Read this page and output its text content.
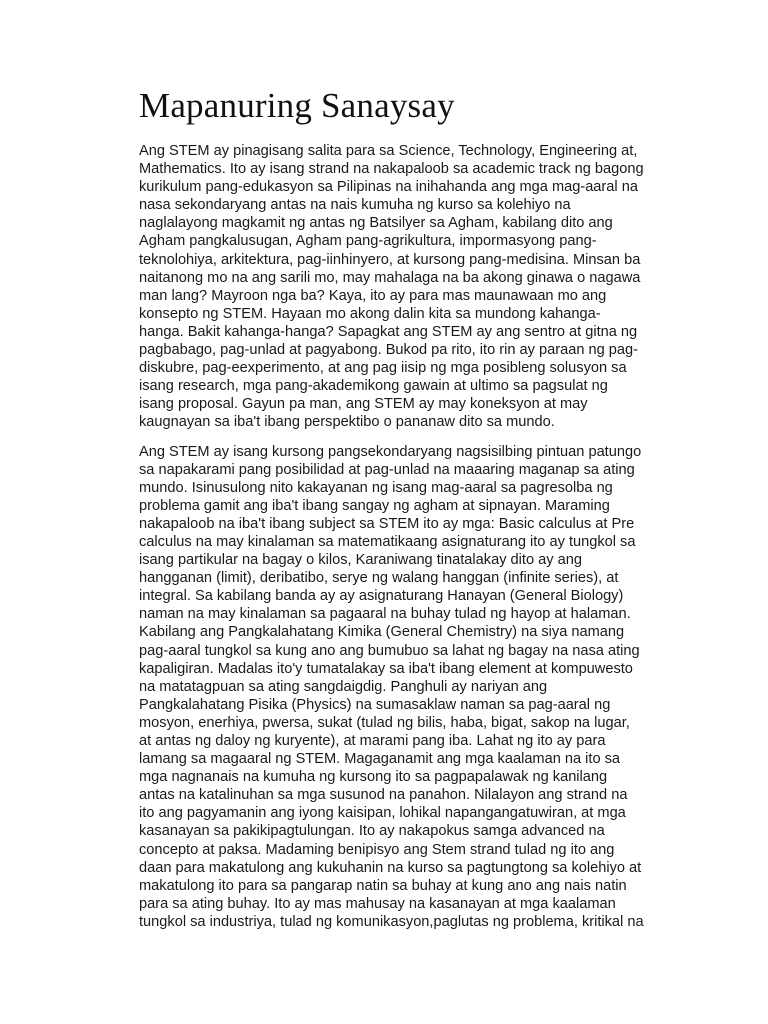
Mapanuring Sanaysay

Ang STEM ay pinagisang salita para sa Science, Technology, Engineering at,
Mathematics. Ito ay isang strand na nakapaloob sa academic track ng bagong
kurikulum pang-edukasyon sa Pilipinas na inihahanda ang mga mag-aaral na
nasa sekondaryang antas na nais kumuha ng kurso sa kolehiyo na
naglalayong magkamit ng antas ng Batsilyer sa Agham, kabilang dito ang
Agham pangkalusugan, Agham pang-agrikultura, impormasyong pang-
teknolohiya, arkitektura, pag-iinhinyero, at kursong pang-medisina. Minsan ba
naitanong mo na ang sarili mo, may mahalaga na ba akong ginawa o nagawa
man lang? Mayroon nga ba? Kaya, ito ay para mas maunawaan mo ang
konsepto ng STEM. Hayaan mo akong dalin kita sa mundong kahanga-
hanga. Bakit kahanga-hanga? Sapagkat ang STEM ay ang sentro at gitna ng
pagbabago, pag-unlad at pagyabong. Bukod pa rito, ito rin ay paraan ng pag-
diskubre, pag-eexperimento, at ang pag iisip ng mga posibleng solusyon sa
isang research, mga pang-akademikong gawain at ultimo sa pagsulat ng
isang proposal. Gayun pa man, ang STEM ay may koneksyon at may
kaugnayan sa iba't ibang perspektibo o pananaw dito sa mundo.

Ang STEM ay isang kursong pangsekondaryang nagsisilbing pintuan patungo
sa napakarami pang posibilidad at pag-unlad na maaaring maganap sa ating
mundo. Isinusulong nito kakayanan ng isang mag-aaral sa pagresolba ng
problema gamit ang iba't ibang sangay ng agham at sipnayan. Maraming
nakapaloob na iba't ibang subject sa STEM ito ay mga: Basic calculus at Pre
calculus na may kinalaman sa matematikaang asignaturang ito ay tungkol sa
isang partikular na bagay o kilos, Karaniwang tinatalakay dito ay ang
hangganan (limit), deribatibo, serye ng walang hanggan (infinite series), at
integral. Sa kabilang banda ay ay asignaturang Hanayan (General Biology)
naman na may kinalaman sa pagaaral na buhay tulad ng hayop at halaman.
Kabilang ang Pangkalahatang Kimika (General Chemistry) na siya namang
pag-aaral tungkol sa kung ano ang bumubuo sa lahat ng bagay na nasa ating
kapaligiran. Madalas ito'y tumatalakay sa iba't ibang element at kompuwesto
na matatagpuan sa ating sangdaigdig. Panghuli ay nariyan ang
Pangkalahatang Pisika (Physics) na sumasaklaw naman sa pag-aaral ng
mosyon, enerhiya, pwersa, sukat (tulad ng bilis, haba, bigat, sakop na lugar,
at antas ng daloy ng kuryente), at marami pang iba. Lahat ng ito ay para
lamang sa magaaral ng STEM. Magaganamit ang mga kaalaman na ito sa
mga nagnanais na kumuha ng kursong ito sa pagpapalawak ng kanilang
antas na katalinuhan sa mga susunod na panahon. Nilalayon ang strand na
ito ang pagyamanin ang iyong kaisipan, lohikal napangangatuwiran, at mga
kasanayan sa pakikipagtulungan. Ito ay nakapokus samga advanced na
concepto at paksa. Madaming benipisyo ang Stem strand tulad ng ito ang
daan para makatulong ang kukuhanin na kurso sa pagtungtong sa kolehiyo at
makatulong ito para sa pangarap natin sa buhay at kung ano ang nais natin
para sa ating buhay. Ito ay mas mahusay na kasanayan at mga kaalaman
tungkol sa industriya, tulad ng komunikasyon,paglutas ng problema, kritikal na
